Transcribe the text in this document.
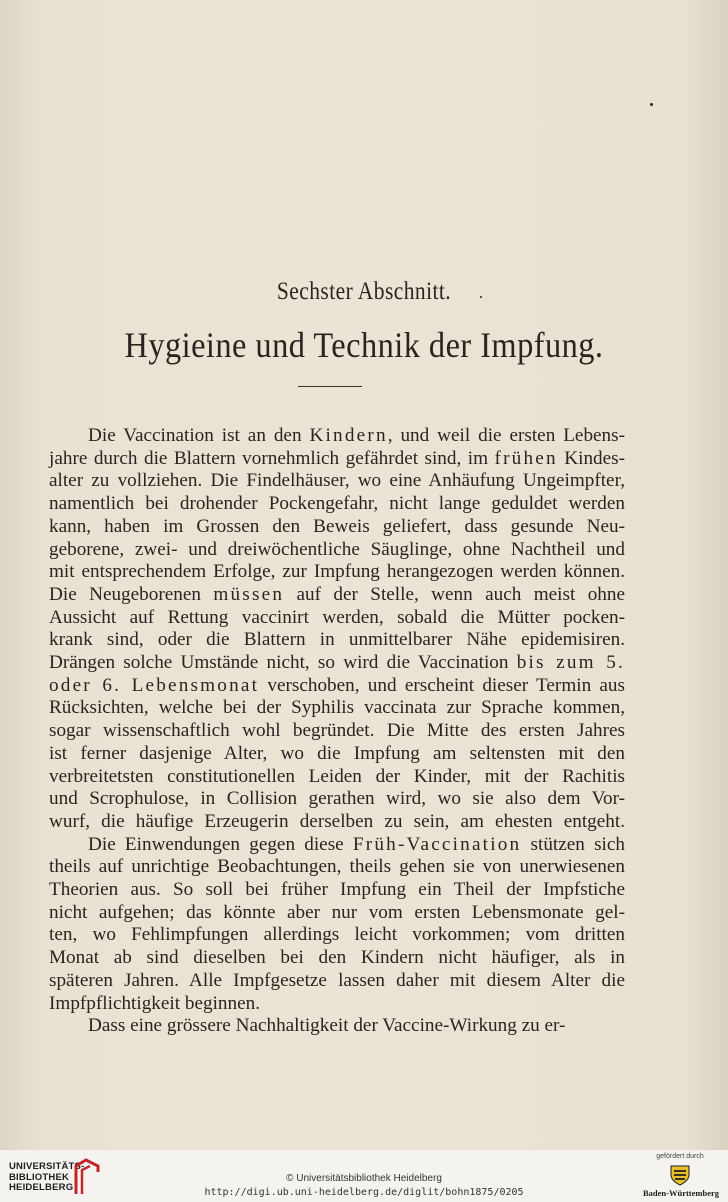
Sechster Abschnitt.
Hygieine und Technik der Impfung.
Die Vaccination ist an den Kindern, und weil die ersten Lebens-
jahre durch die Blattern vornehmlich gefährdet sind, im frühen Kindes-
alter zu vollziehen. Die Findelhäuser, wo eine Anhäufung Ungeimpfter,
namentlich bei drohender Pockengefahr, nicht lange geduldet werden
kann, haben im Grossen den Beweis geliefert, dass gesunde Neu-
geborene, zwei- und dreiwöchentliche Säuglinge, ohne Nachtheil und
mit entsprechendem Erfolge, zur Impfung herangezogen werden können.
Die Neugeborenen müssen auf der Stelle, wenn auch meist ohne
Aussicht auf Rettung vaccinirt werden, sobald die Mütter pocken-
krank sind, oder die Blattern in unmittelbarer Nähe epidemisiren.
Drängen solche Umstände nicht, so wird die Vaccination bis zum 5.
oder 6. Lebensmonat verschoben, und erscheint dieser Termin aus
Rücksichten, welche bei der Syphilis vaccinata zur Sprache kommen,
sogar wissenschaftlich wohl begründet. Die Mitte des ersten Jahres
ist ferner dasjenige Alter, wo die Impfung am seltensten mit den
verbreitetsten constitutionellen Leiden der Kinder, mit der Rachitis
und Scrophulose, in Collision gerathen wird, wo sie also dem Vor-
wurf, die häufige Erzeugerin derselben zu sein, am ehesten entgeht.
Die Einwendungen gegen diese Früh-Vaccination stützen sich
theils auf unrichtige Beobachtungen, theils gehen sie von unerwiesenen
Theorien aus. So soll bei früher Impfung ein Theil der Impfstiche
nicht aufgehen; das könnte aber nur vom ersten Lebensmonate gel-
ten, wo Fehlimpfungen allerdings leicht vorkommen; vom dritten
Monat ab sind dieselben bei den Kindern nicht häufiger, als in
späteren Jahren. Alle Impfgesetze lassen daher mit diesem Alter die
Impfpflichtigkeit beginnen.
Dass eine grössere Nachhaltigkeit der Vaccine-Wirkung zu er-
UNIVERSITÄTS-
BIBLIOTHEK
HEIDELBERG
© Universitätsbibliothek Heidelberg
http://digi.ub.uni-heidelberg.de/diglit/bohn1875/0205
gefördert durch
Baden-Württemberg
